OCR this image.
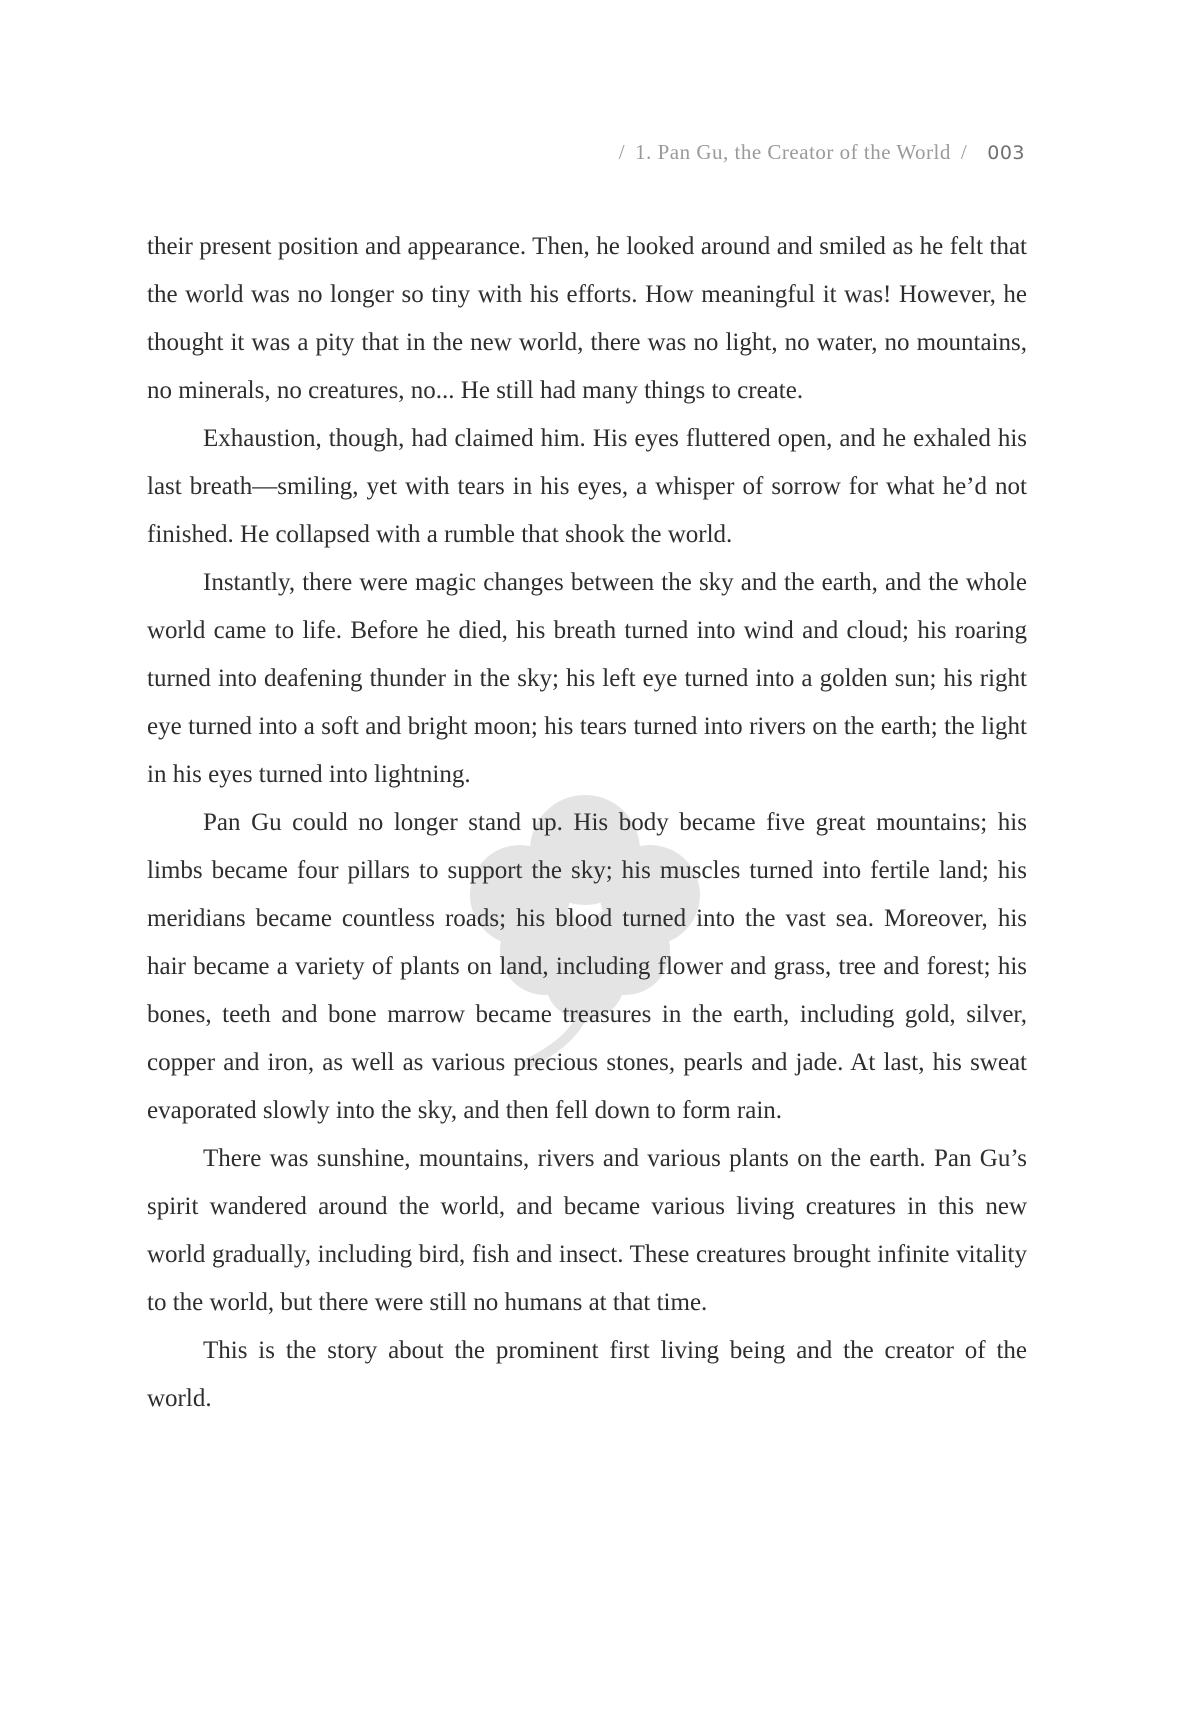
/ 1. Pan Gu, the Creator of the World / 003

their present position and appearance. Then, he looked around and smiled as he felt that the world was no longer so tiny with his efforts. How meaningful it was! However, he thought it was a pity that in the new world, there was no light, no water, no mountains, no minerals, no creatures, no... He still had many things to create.

Exhaustion, though, had claimed him. His eyes fluttered open, and he exhaled his last breath—smiling, yet with tears in his eyes, a whisper of sorrow for what he’d not finished. He collapsed with a rumble that shook the world.

Instantly, there were magic changes between the sky and the earth, and the whole world came to life. Before he died, his breath turned into wind and cloud; his roaring turned into deafening thunder in the sky; his left eye turned into a golden sun; his right eye turned into a soft and bright moon; his tears turned into rivers on the earth; the light in his eyes turned into lightning.

Pan Gu could no longer stand up. His body became five great mountains; his limbs became four pillars to support the sky; his muscles turned into fertile land; his meridians became countless roads; his blood turned into the vast sea. Moreover, his hair became a variety of plants on land, including flower and grass, tree and forest; his bones, teeth and bone marrow became treasures in the earth, including gold, silver, copper and iron, as well as various precious stones, pearls and jade. At last, his sweat evaporated slowly into the sky, and then fell down to form rain.

There was sunshine, mountains, rivers and various plants on the earth. Pan Gu’s spirit wandered around the world, and became various living creatures in this new world gradually, including bird, fish and insect. These creatures brought infinite vitality to the world, but there were still no humans at that time.

This is the story about the prominent first living being and the creator of the world.
